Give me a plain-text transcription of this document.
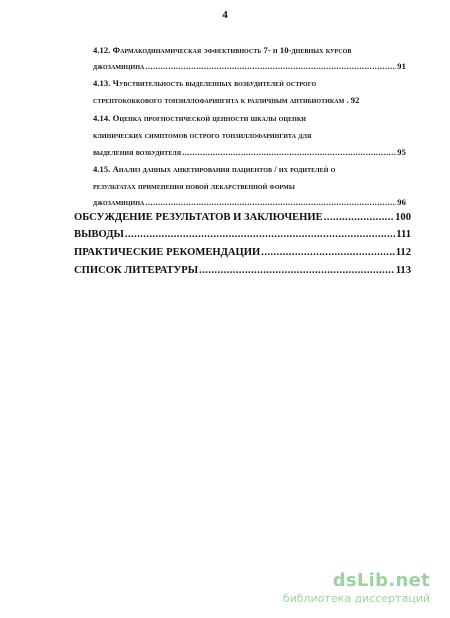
4
4.12. Фармакодинамическая эффективность 7- и 10-дневных курсов
джозамицина .....	91
4.13. Чувствительность выделенных возбудителей острого
стрептококкового тонзиллофарингита к различным антибиотикам . 92
4.14. Оценка прогностической ценности шкалы оценки
клинических симптомов острого тонзиллофарингита для
выделения возбудителя .....	95
4.15. Анализ данных анкетирования пациентов / их родителей о
результатах применения новой лекарственной формы
джозамицина .....	96
ОБСУЖДЕНИЕ РЕЗУЛЬТАТОВ И ЗАКЛЮЧЕНИЕ .....	100
ВЫВОДЫ .....	111
ПРАКТИЧЕСКИЕ РЕКОМЕНДАЦИИ .....	112
СПИСОК ЛИТЕРАТУРЫ .....	113
dsLib.net
библиотека диссертаций
